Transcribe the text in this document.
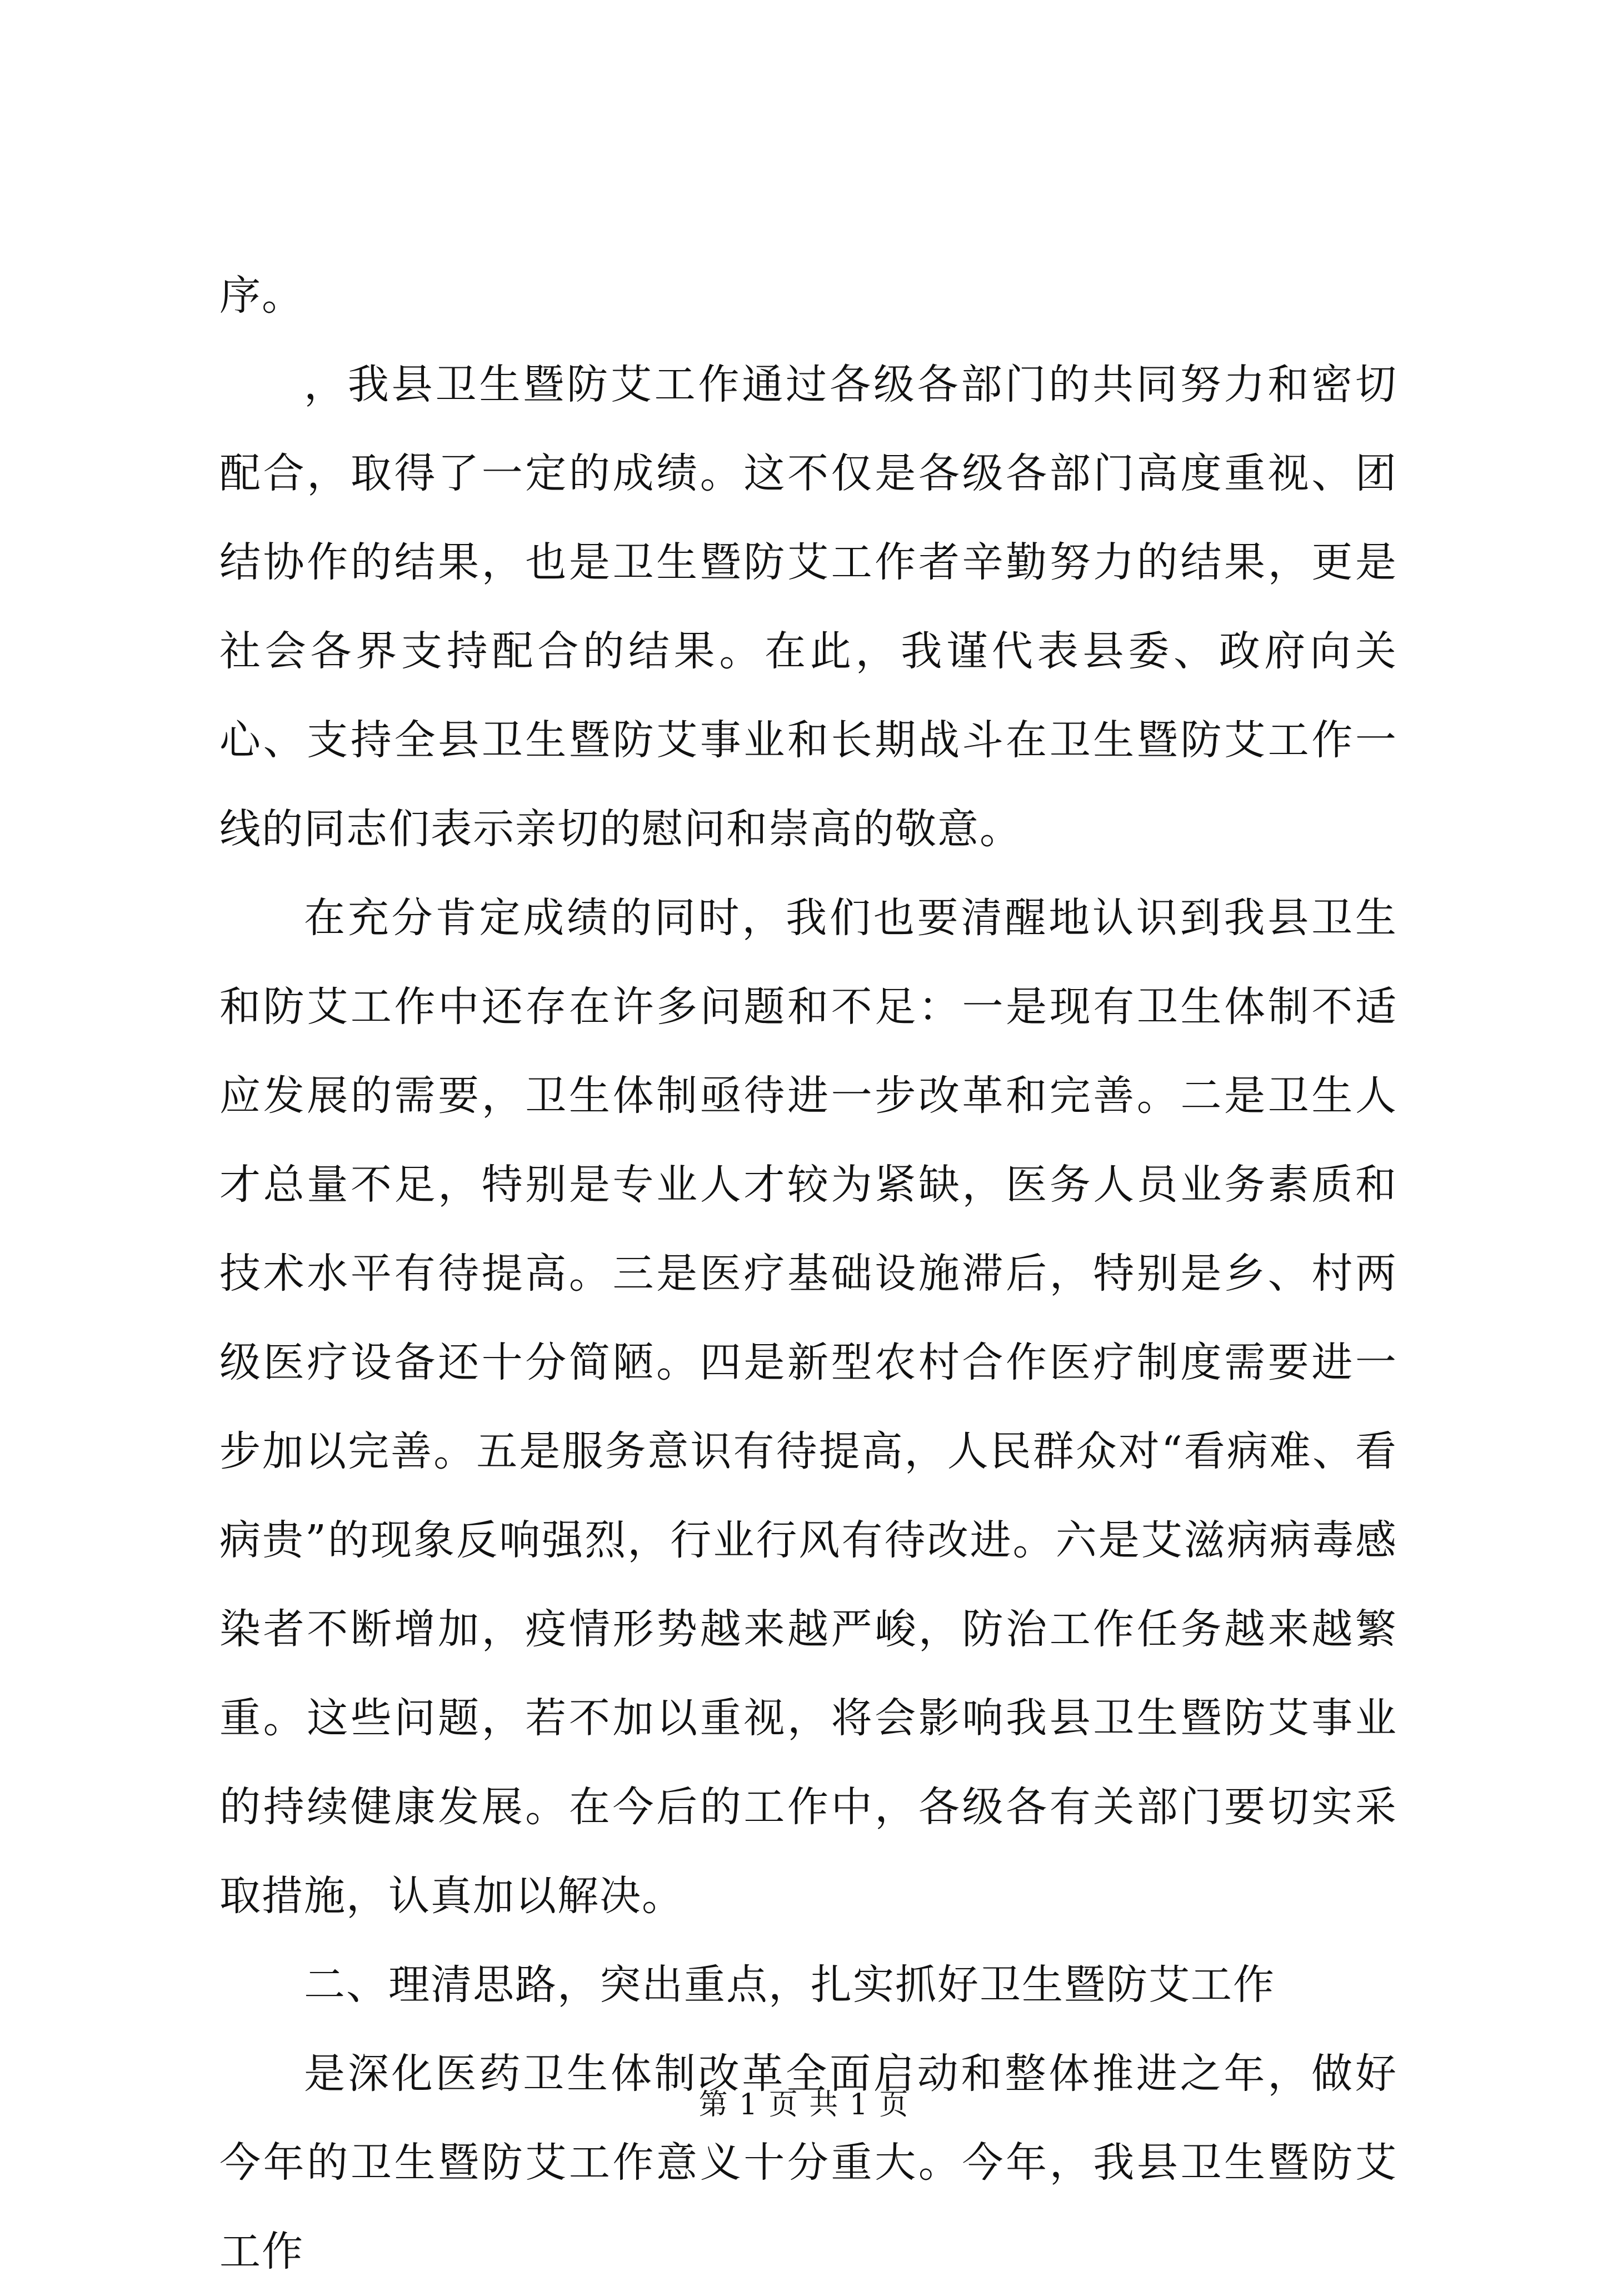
序。

，我县卫生暨防艾工作通过各级各部门的共同努力和密切配合，取得了一定的成绩。这不仅是各级各部门高度重视、团结协作的结果，也是卫生暨防艾工作者辛勤努力的结果，更是社会各界支持配合的结果。在此，我谨代表县委、政府向关心、支持全县卫生暨防艾事业和长期战斗在卫生暨防艾工作一线的同志们表示亲切的慰问和崇高的敬意。

在充分肯定成绩的同时，我们也要清醒地认识到我县卫生和防艾工作中还存在许多问题和不足：一是现有卫生体制不适应发展的需要，卫生体制亟待进一步改革和完善。二是卫生人才总量不足，特别是专业人才较为紧缺，医务人员业务素质和技术水平有待提高。三是医疗基础设施滞后，特别是乡、村两级医疗设备还十分简陋。四是新型农村合作医疗制度需要进一步加以完善。五是服务意识有待提高，人民群众对“看病难、看病贵”的现象反响强烈，行业行风有待改进。六是艾滋病病毒感染者不断增加，疫情形势越来越严峻，防治工作任务越来越繁重。这些问题，若不加以重视，将会影响我县卫生暨防艾事业的持续健康发展。在今后的工作中，各级各有关部门要切实采取措施，认真加以解决。

二、理清思路，突出重点，扎实抓好卫生暨防艾工作

是深化医药卫生体制改革全面启动和整体推进之年，做好今年的卫生暨防艾工作意义十分重大。今年，我县卫生暨防艾工作

第 1 页 共 1 页
